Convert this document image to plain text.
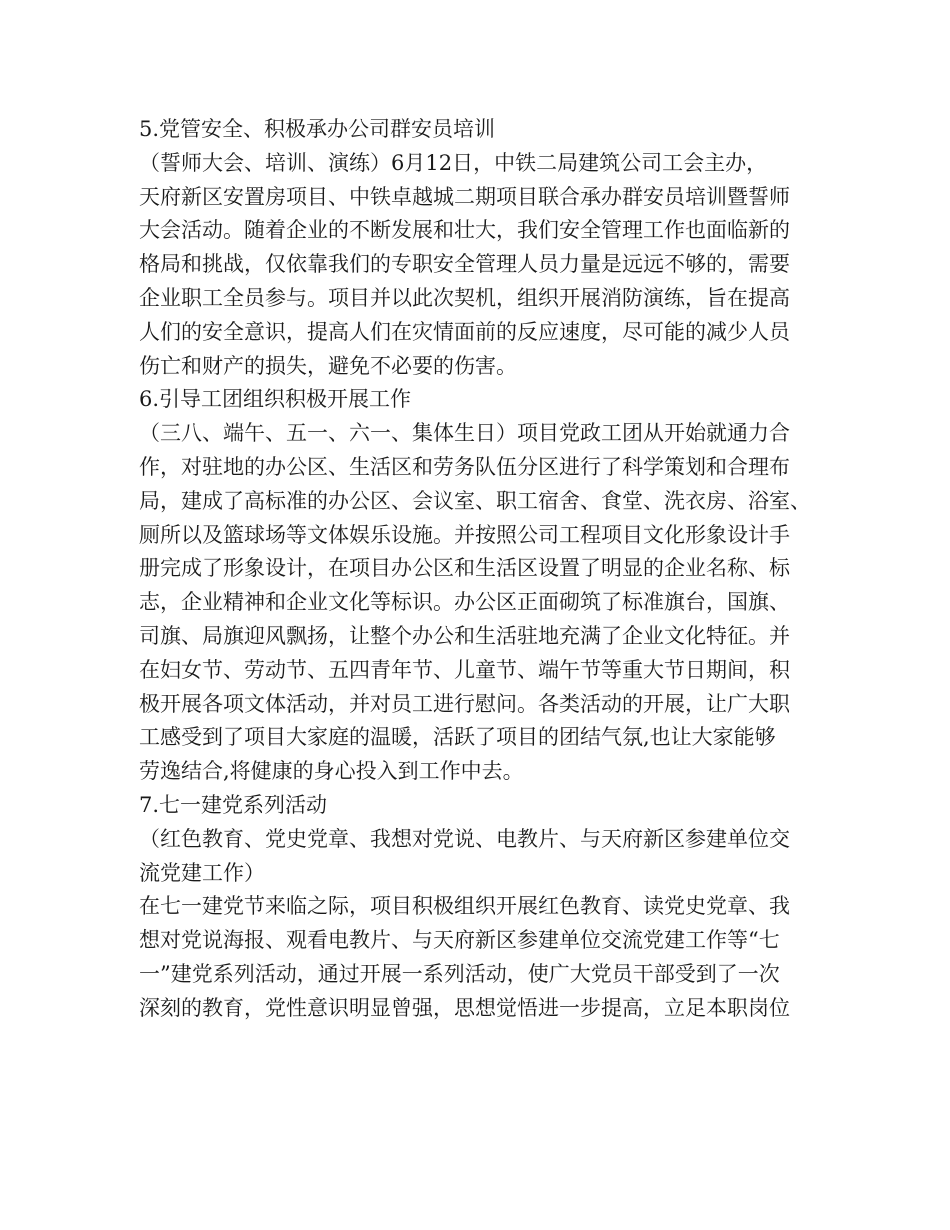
5.党管安全、积极承办公司群安员培训
（誓师大会、培训、演练）6月12日，中铁二局建筑公司工会主办，
天府新区安置房项目、中铁卓越城二期项目联合承办群安员培训暨誓师
大会活动。随着企业的不断发展和壮大，我们安全管理工作也面临新的
格局和挑战，仅依靠我们的专职安全管理人员力量是远远不够的，需要
企业职工全员参与。项目并以此次契机，组织开展消防演练，旨在提高
人们的安全意识，提高人们在灾情面前的反应速度，尽可能的减少人员
伤亡和财产的损失，避免不必要的伤害。
6.引导工团组织积极开展工作
（三八、端午、五一、六一、集体生日）项目党政工团从开始就通力合
作，对驻地的办公区、生活区和劳务队伍分区进行了科学策划和合理布
局，建成了高标准的办公区、会议室、职工宿舍、食堂、洗衣房、浴室、
厕所以及篮球场等文体娱乐设施。并按照公司工程项目文化形象设计手
册完成了形象设计，在项目办公区和生活区设置了明显的企业名称、标
志，企业精神和企业文化等标识。办公区正面砌筑了标准旗台，国旗、
司旗、局旗迎风飘扬，让整个办公和生活驻地充满了企业文化特征。并
在妇女节、劳动节、五四青年节、儿童节、端午节等重大节日期间，积
极开展各项文体活动，并对员工进行慰问。各类活动的开展，让广大职
工感受到了项目大家庭的温暖，活跃了项目的团结气氛,也让大家能够
劳逸结合,将健康的身心投入到工作中去。
7.七一建党系列活动
（红色教育、党史党章、我想对党说、电教片、与天府新区参建单位交
流党建工作）
在七一建党节来临之际，项目积极组织开展红色教育、读党史党章、我
想对党说海报、观看电教片、与天府新区参建单位交流党建工作等“七
一”建党系列活动，通过开展一系列活动，使广大党员干部受到了一次
深刻的教育，党性意识明显曾强，思想觉悟进一步提高，立足本职岗位
